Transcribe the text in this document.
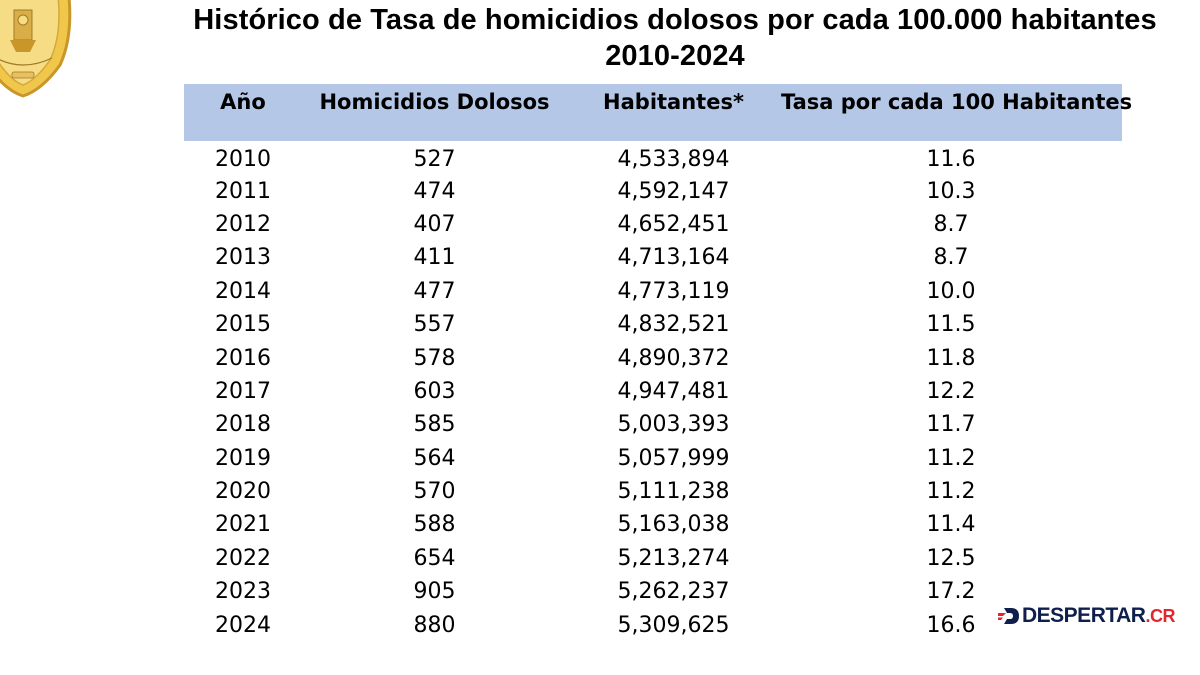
Histórico de Tasa de homicidios dolosos por cada 100.000 habitantes
2010-2024
Año	Homicidios Dolosos	Habitantes*	Tasa por cada 100 Habitantes
2010	527	4,533,894	11.6
2011	474	4,592,147	10.3
2012	407	4,652,451	8.7
2013	411	4,713,164	8.7
2014	477	4,773,119	10.0
2015	557	4,832,521	11.5
2016	578	4,890,372	11.8
2017	603	4,947,481	12.2
2018	585	5,003,393	11.7
2019	564	5,057,999	11.2
2020	570	5,111,238	11.2
2021	588	5,163,038	11.4
2022	654	5,213,274	12.5
2023	905	5,262,237	17.2
2024	880	5,309,625	16.6 DESPERTAR .CR
